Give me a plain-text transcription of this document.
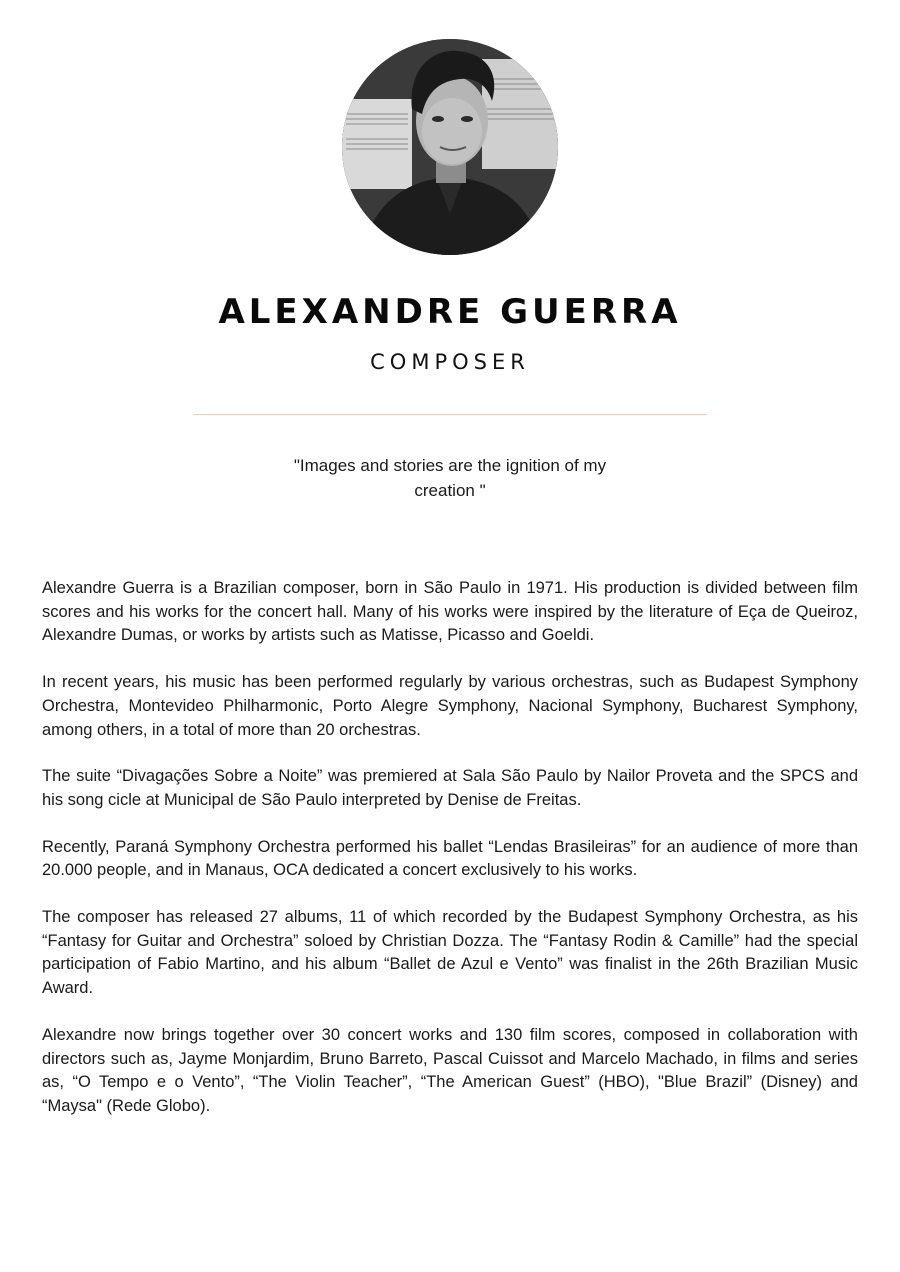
ALEXANDRE GUERRA
COMPOSER
"Images and stories are the ignition of my creation "

Alexandre Guerra is a Brazilian composer, born in São Paulo in 1971. His production is divided between film scores and his works for the concert hall. Many of his works were inspired by the literature of Eça de Queiroz, Alexandre Dumas, or works by artists such as Matisse, Picasso and Goeldi.

In recent years, his music has been performed regularly by various orchestras, such as Budapest Symphony Orchestra, Montevideo Philharmonic, Porto Alegre Symphony, Nacional Symphony, Bucharest Symphony, among others, in a total of more than 20 orchestras.

The suite “Divagações Sobre a Noite” was premiered at Sala São Paulo by Nailor Proveta and the SPCS and his song cicle at Municipal de São Paulo interpreted by Denise de Freitas.

Recently, Paraná Symphony Orchestra performed his ballet “Lendas Brasileiras” for an audience of more than 20.000 people, and in Manaus, OCA dedicated a concert exclusively to his works.

The composer has released 27 albums, 11 of which recorded by the Budapest Symphony Orchestra, as his “Fantasy for Guitar and Orchestra” soloed by Christian Dozza. The “Fantasy Rodin & Camille” had the special participation of Fabio Martino, and his album “Ballet de Azul e Vento” was finalist in the 26th Brazilian Music Award.

Alexandre now brings together over 30 concert works and 130 film scores, composed in collaboration with directors such as, Jayme Monjardim, Bruno Barreto, Pascal Cuissot and Marcelo Machado, in films and series as, “O Tempo e o Vento”, “The Violin Teacher”, “The American Guest” (HBO), "Blue Brazil” (Disney) and “Maysa" (Rede Globo).
